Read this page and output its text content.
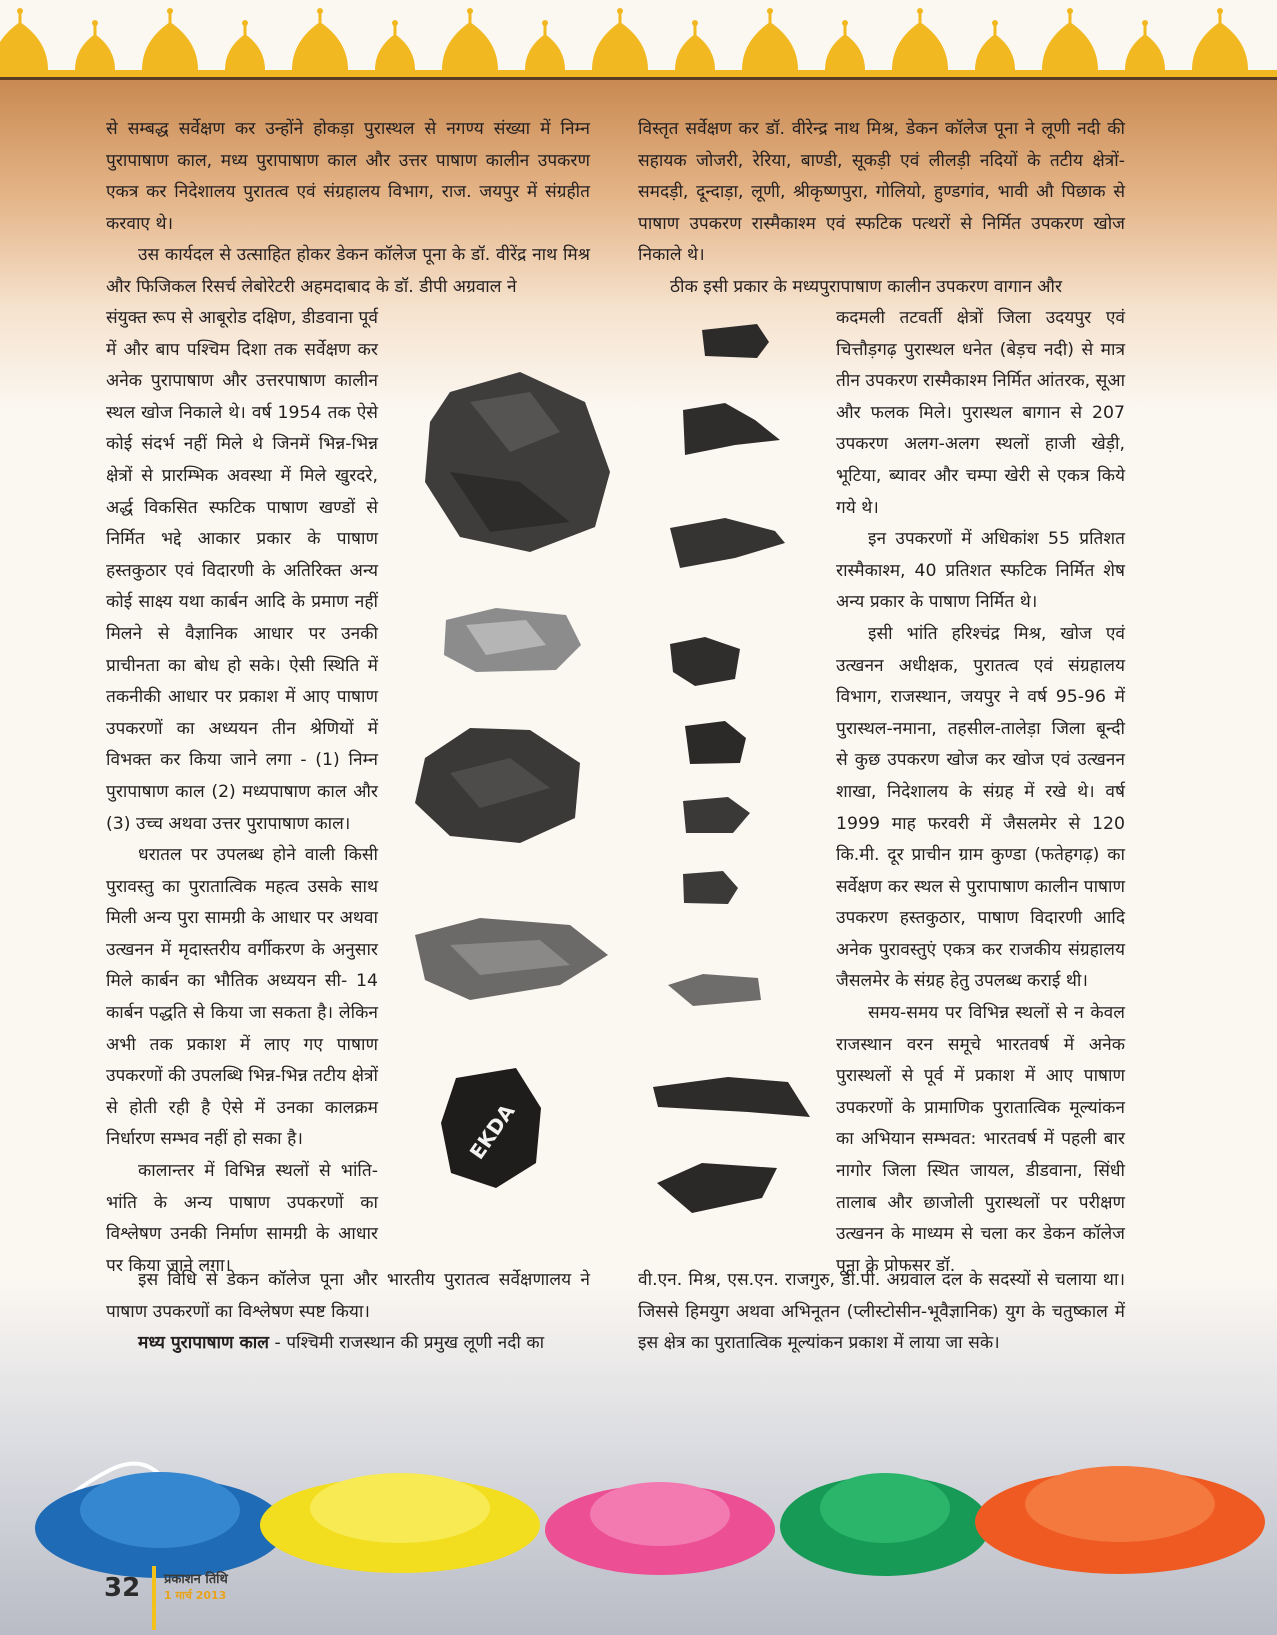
से सम्बद्ध सर्वेक्षण कर उन्होंने होकड़ा पुरास्थल से नगण्य संख्या में निम्न पुरापाषाण काल, मध्य पुरापाषाण काल और उत्तर पाषाण कालीन उपकरण एकत्र कर निदेशालय पुरातत्व एवं संग्रहालय विभाग, राज. जयपुर में संग्रहीत करवाए थे।

उस कार्यदल से उत्साहित होकर डेकन कॉलेज पूना के डॉ. वीरेंद्र नाथ मिश्र और फिजिकल रिसर्च लेबोरेटरी अहमदाबाद के डॉ. डीपी अग्रवाल ने

संयुक्त रूप से आबूरोड दक्षिण, डीडवाना पूर्व में और बाप पश्चिम दिशा तक सर्वेक्षण कर अनेक पुरापाषाण और उत्तरपाषाण कालीन स्थल खोज निकाले थे। वर्ष 1954 तक ऐसे कोई संदर्भ नहीं मिले थे जिनमें भिन्न-भिन्न क्षेत्रों से प्रारम्भिक अवस्था में मिले खुरदरे, अर्द्ध विकसित स्फटिक पाषाण खण्डों से निर्मित भद्दे आकार प्रकार के पाषाण हस्तकुठार एवं विदारणी के अतिरिक्त अन्य कोई साक्ष्य यथा कार्बन आदि के प्रमाण नहीं मिलने से वैज्ञानिक आधार पर उनकी प्राचीनता का बोध हो सके। ऐसी स्थिति में तकनीकी आधार पर प्रकाश में आए पाषाण उपकरणों का अध्ययन तीन श्रेणियों में विभक्त कर किया जाने लगा - (1) निम्न पुरापाषाण काल (2) मध्यपाषाण काल और (3) उच्च अथवा उत्तर पुरापाषाण काल।

धरातल पर उपलब्ध होने वाली किसी पुरावस्तु का पुरातात्विक महत्व उसके साथ मिली अन्य पुरा सामग्री के आधार पर अथवा उत्खनन में मृदास्तरीय वर्गीकरण के अनुसार मिले कार्बन का भौतिक अध्ययन सी- 14 कार्बन पद्धति से किया जा सकता है। लेकिन अभी तक प्रकाश में लाए गए पाषाण उपकरणों की उपलब्धि भिन्न-भिन्न तटीय क्षेत्रों से होती रही है ऐसे में उनका कालक्रम निर्धारण सम्भव नहीं हो सका है।

कालान्तर में विभिन्न स्थलों से भांति-भांति के अन्य पाषाण उपकरणों का विश्लेषण उनकी निर्माण सामग्री के आधार पर किया जाने लगा।

इस विधि से डेकन कॉलेज पूना और भारतीय पुरातत्व सर्वेक्षणालय ने पाषाण उपकरणों का विश्लेषण स्पष्ट किया।

मध्य पुरापाषाण काल - पश्चिमी राजस्थान की प्रमुख लूणी नदी का

विस्तृत सर्वेक्षण कर डॉ. वीरेन्द्र नाथ मिश्र, डेकन कॉलेज पूना ने लूणी नदी की सहायक जोजरी, रेरिया, बाण्डी, सूकड़ी एवं लीलड़ी नदियों के तटीय क्षेत्रों- समदड़ी, दून्दाड़ा, लूणी, श्रीकृष्णपुरा, गोलियो, हुण्डगांव, भावी औ पिछाक से पाषाण उपकरण रास्मैकाश्म एवं स्फटिक पत्थरों से निर्मित उपकरण खोज निकाले थे।

ठीक इसी प्रकार के मध्यपुरापाषाण कालीन उपकरण वागान और

कदमली तटवर्ती क्षेत्रों जिला उदयपुर एवं चित्तौड़गढ़ पुरास्थल धनेत (बेड़च नदी) से मात्र तीन उपकरण रास्मैकाश्म निर्मित आंतरक, सूआ और फलक मिले। पुरास्थल बागान से 207 उपकरण अलग-अलग स्थलों हाजी खेड़ी, भूटिया, ब्यावर और चम्पा खेरी से एकत्र किये गये थे।

इन उपकरणों में अधिकांश 55 प्रतिशत रास्मैकाश्म, 40 प्रतिशत स्फटिक निर्मित शेष अन्य प्रकार के पाषाण निर्मित थे।

इसी भांति हरिश्चंद्र मिश्र, खोज एवं उत्खनन अधीक्षक, पुरातत्व एवं संग्रहालय विभाग, राजस्थान, जयपुर ने वर्ष 95-96 में पुरास्थल-नमाना, तहसील-तालेड़ा जिला बून्दी से कुछ उपकरण खोज कर खोज एवं उत्खनन शाखा, निदेशालय के संग्रह में रखे थे। वर्ष 1999 माह फरवरी में जैसलमेर से 120 कि.मी. दूर प्राचीन ग्राम कुण्डा (फतेहगढ़) का सर्वेक्षण कर स्थल से पुरापाषाण कालीन पाषाण उपकरण हस्तकुठार, पाषाण विदारणी आदि अनेक पुरावस्तुएं एकत्र कर राजकीय संग्रहालय जैसलमेर के संग्रह हेतु उपलब्ध कराई थी।

समय-समय पर विभिन्न स्थलों से न केवल राजस्थान वरन समूचे भारतवर्ष में अनेक पुरास्थलों से पूर्व में प्रकाश में आए पाषाण उपकरणों के प्रामाणिक पुरातात्विक मूल्यांकन का अभियान सम्भवत: भारतवर्ष में पहली बार नागोर जिला स्थित जायल, डीडवाना, सिंधी तालाब और छाजोली पुरास्थलों पर परीक्षण उत्खनन के माध्यम से चला कर डेकन कॉलेज पूना के प्रोफसर डॉ.

वी.एन. मिश्र, एस.एन. राजगुरु, डी.पी. अग्रवाल दल के सदस्यों से चलाया था। जिससे हिमयुग अथवा अभिनूतन (प्लीस्टोसीन-भूवैज्ञानिक) युग के चतुष्काल में इस क्षेत्र का पुरातात्विक मूल्यांकन प्रकाश में लाया जा सके।

EKDA
32 प्रकाशन तिथि
1 मार्च 2013
